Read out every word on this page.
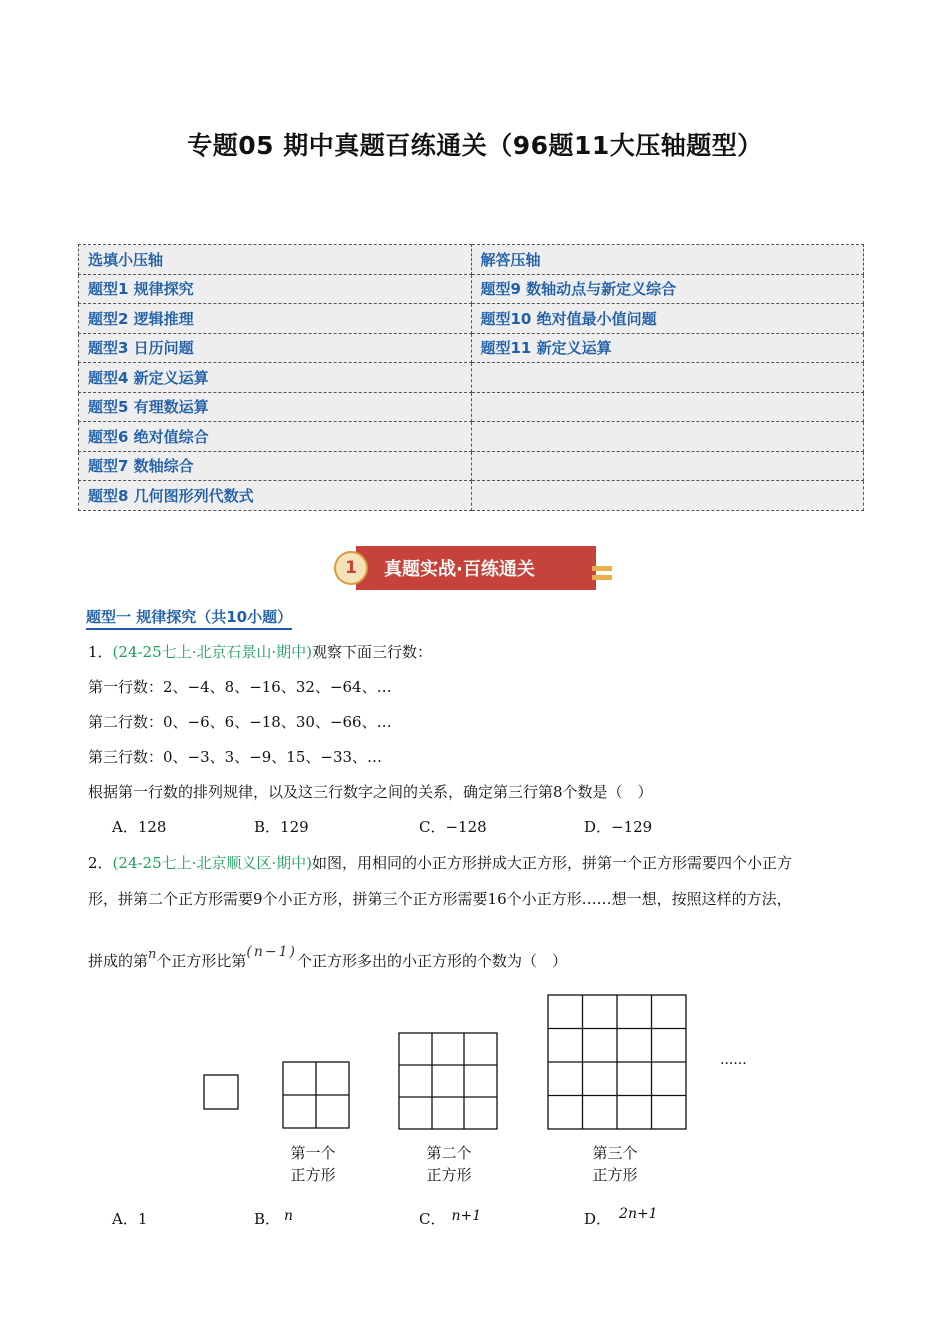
专题05 期中真题百练通关（96题11大压轴题型）
选填小压轴	解答压轴
题型1 规律探究	题型9 数轴动点与新定义综合
题型2 逻辑推理	题型10 绝对值最小值问题
题型3 日历问题	题型11 新定义运算
题型4 新定义运算	
题型5 有理数运算	
题型6 绝对值综合	
题型7 数轴综合	
题型8 几何图形列代数式	
1	真题实战·百练通关
题型一 规律探究（共10小题）
1．(24-25七上·北京石景山·期中)观察下面三行数：
第一行数：2、−4、8、−16、32、−64、…
第二行数：0、−6、6、−18、30、−66、…
第三行数：0、−3、3、−9、15、−33、…
根据第一行数的排列规律，以及这三行数字之间的关系，确定第三行第8个数是（　）
A．128	B．129	C．−128	D．−129
2．(24-25七上·北京顺义区·期中)如图，用相同的小正方形拼成大正方形，拼第一个正方形需要四个小正方
形，拼第二个正方形需要9个小正方形，拼第三个正方形需要16个小正方形……想一想，按照这样的方法，
拼成的第n个正方形比第(n−1)个正方形多出的小正方形的个数为（　）
......
第一个
正方形
第二个
正方形
第三个
正方形
A．1	B． n	C． n+1	D． 2n+1
